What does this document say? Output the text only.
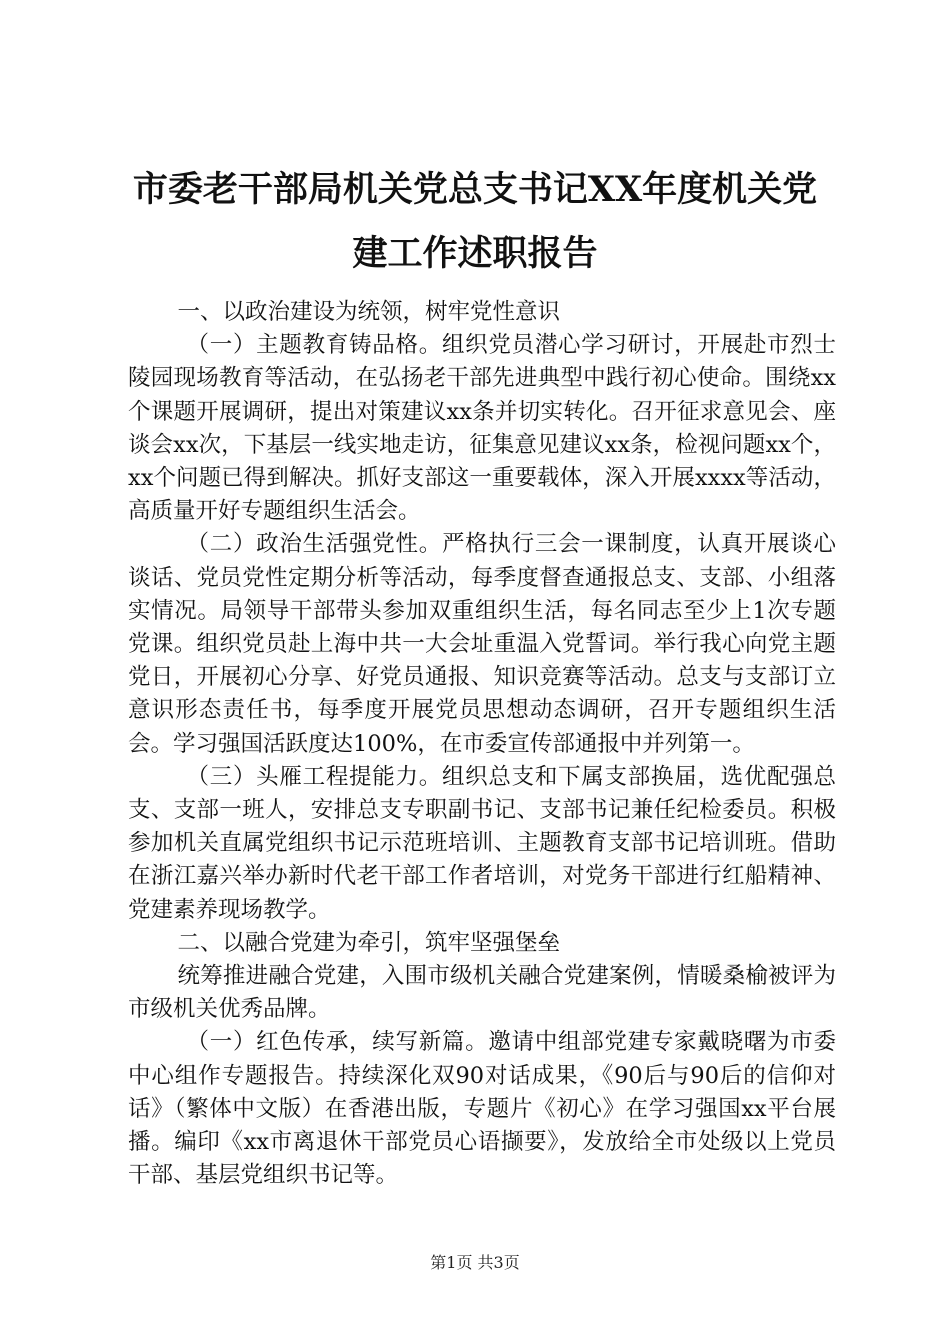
市委老干部局机关党总支书记XX年度机关党
建工作述职报告

一、以政治建设为统领，树牢党性意识

（一）主题教育铸品格。组织党员潜心学习研讨，开展赴市烈士陵园现场教育等活动，在弘扬老干部先进典型中践行初心使命。围绕xx个课题开展调研，提出对策建议xx条并切实转化。召开征求意见会、座谈会xx次，下基层一线实地走访，征集意见建议xx条，检视问题xx个，xx个问题已得到解决。抓好支部这一重要载体，深入开展xxxx等活动，高质量开好专题组织生活会。

（二）政治生活强党性。严格执行三会一课制度，认真开展谈心谈话、党员党性定期分析等活动，每季度督查通报总支、支部、小组落实情况。局领导干部带头参加双重组织生活，每名同志至少上1次专题党课。组织党员赴上海中共一大会址重温入党誓词。举行我心向党主题党日，开展初心分享、好党员通报、知识竞赛等活动。总支与支部订立意识形态责任书，每季度开展党员思想动态调研，召开专题组织生活会。学习强国活跃度达100%，在市委宣传部通报中并列第一。

（三）头雁工程提能力。组织总支和下属支部换届，选优配强总支、支部一班人，安排总支专职副书记、支部书记兼任纪检委员。积极参加机关直属党组织书记示范班培训、主题教育支部书记培训班。借助在浙江嘉兴举办新时代老干部工作者培训，对党务干部进行红船精神、党建素养现场教学。

二、以融合党建为牵引，筑牢坚强堡垒

统筹推进融合党建，入围市级机关融合党建案例，情暖桑榆被评为市级机关优秀品牌。

（一）红色传承，续写新篇。邀请中组部党建专家戴晓曙为市委中心组作专题报告。持续深化双90对话成果，《90后与90后的信仰对话》（繁体中文版）在香港出版，专题片《初心》在学习强国xx平台展播。编印《xx市离退休干部党员心语撷要》，发放给全市处级以上党员干部、基层党组织书记等。

第1页 共3页
